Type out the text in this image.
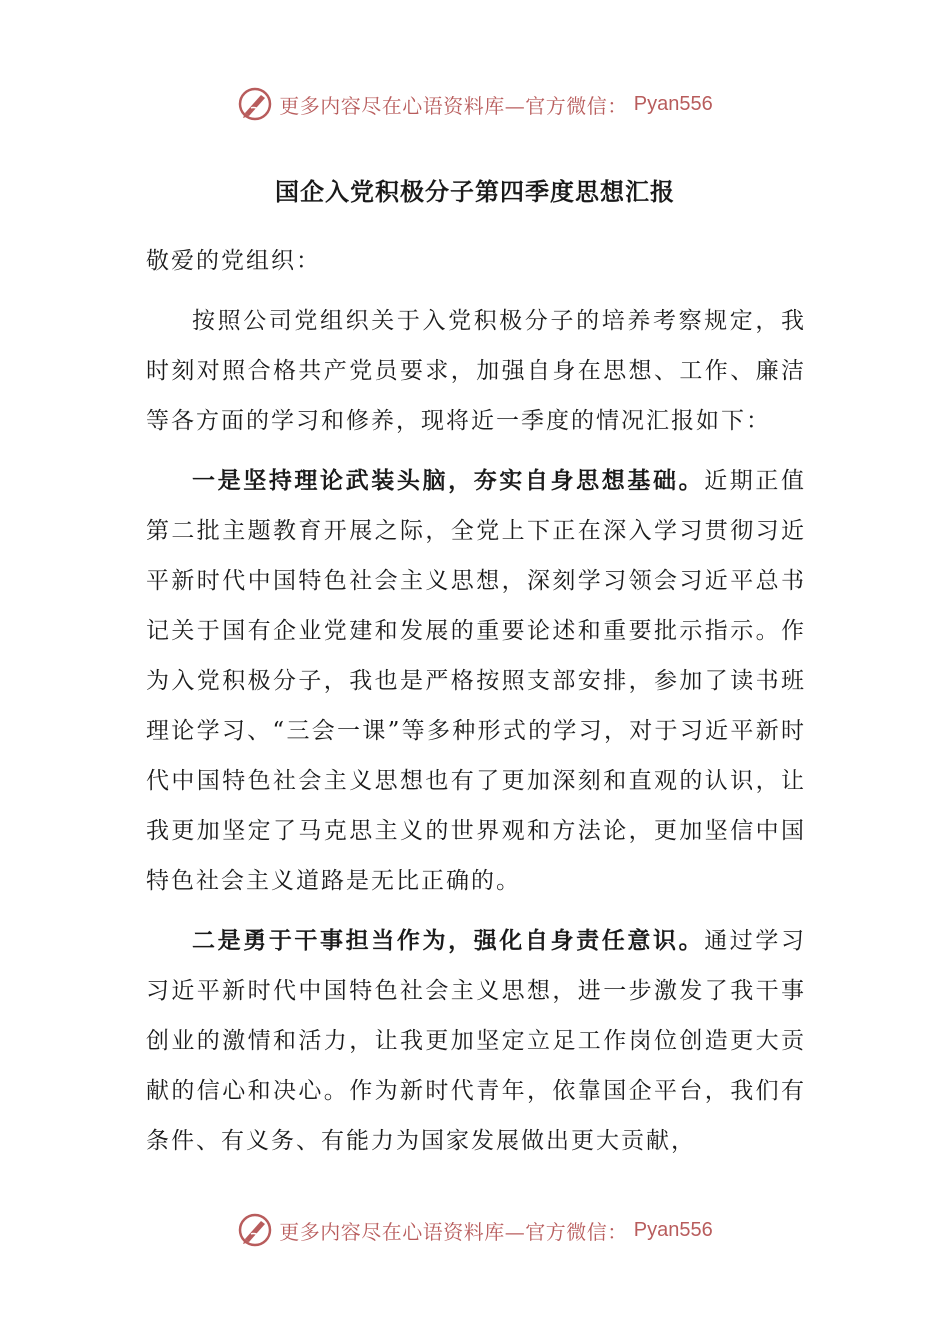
更多内容尽在心语资料库—官方微信： Pyan556
国企入党积极分子第四季度思想汇报

敬爱的党组织：

按照公司党组织关于入党积极分子的培养考察规定，我时刻对照合格共产党员要求，加强自身在思想、工作、廉洁等各方面的学习和修养，现将近一季度的情况汇报如下：

一是坚持理论武装头脑，夯实自身思想基础。近期正值第二批主题教育开展之际，全党上下正在深入学习贯彻习近平新时代中国特色社会主义思想，深刻学习领会习近平总书记关于国有企业党建和发展的重要论述和重要批示指示。作为入党积极分子，我也是严格按照支部安排，参加了读书班理论学习、“三会一课”等多种形式的学习，对于习近平新时代中国特色社会主义思想也有了更加深刻和直观的认识，让我更加坚定了马克思主义的世界观和方法论，更加坚信中国特色社会主义道路是无比正确的。

二是勇于干事担当作为，强化自身责任意识。通过学习习近平新时代中国特色社会主义思想，进一步激发了我干事创业的激情和活力，让我更加坚定立足工作岗位创造更大贡献的信心和决心。作为新时代青年，依靠国企平台，我们有条件、有义务、有能力为国家发展做出更大贡献，

更多内容尽在心语资料库—官方微信： Pyan556
